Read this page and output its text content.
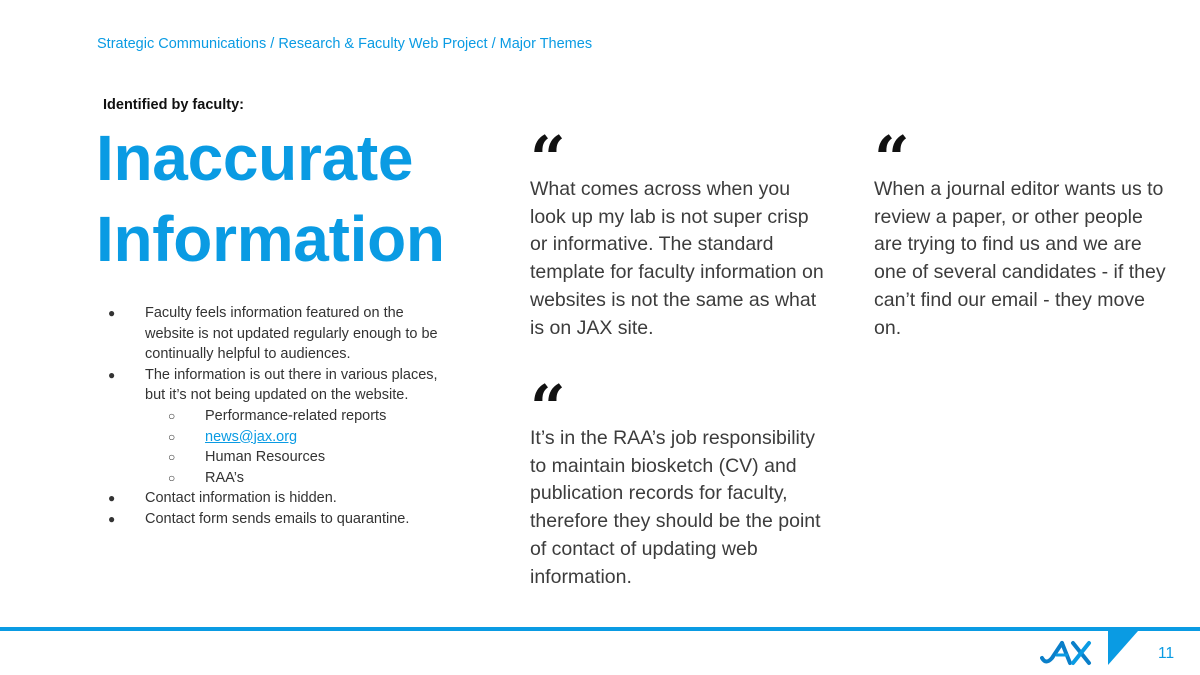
Strategic Communications / Research & Faculty Web Project / Major Themes
Identified by faculty:
Inaccurate
Information
●	Faculty feels information featured on the website is not updated regularly enough to be continually helpful to audiences.
●	The information is out there in various places, but it’s not being updated on the website.
○ Performance-related reports
○ news@jax.org
○ Human Resources
○ RAA’s
●	Contact information is hidden.
●	Contact form sends emails to quarantine.
“
What comes across when you look up my lab is not super crisp or informative. The standard template for faculty information on websites is not the same as what is on JAX site.
“
It’s in the RAA’s job responsibility to maintain biosketch (CV) and publication records for faculty, therefore they should be the point of contact of updating web information.
“
When a journal editor wants us to review a paper, or other people are trying to find us and we are one of several candidates - if they can’t find our email - they move on.
11
